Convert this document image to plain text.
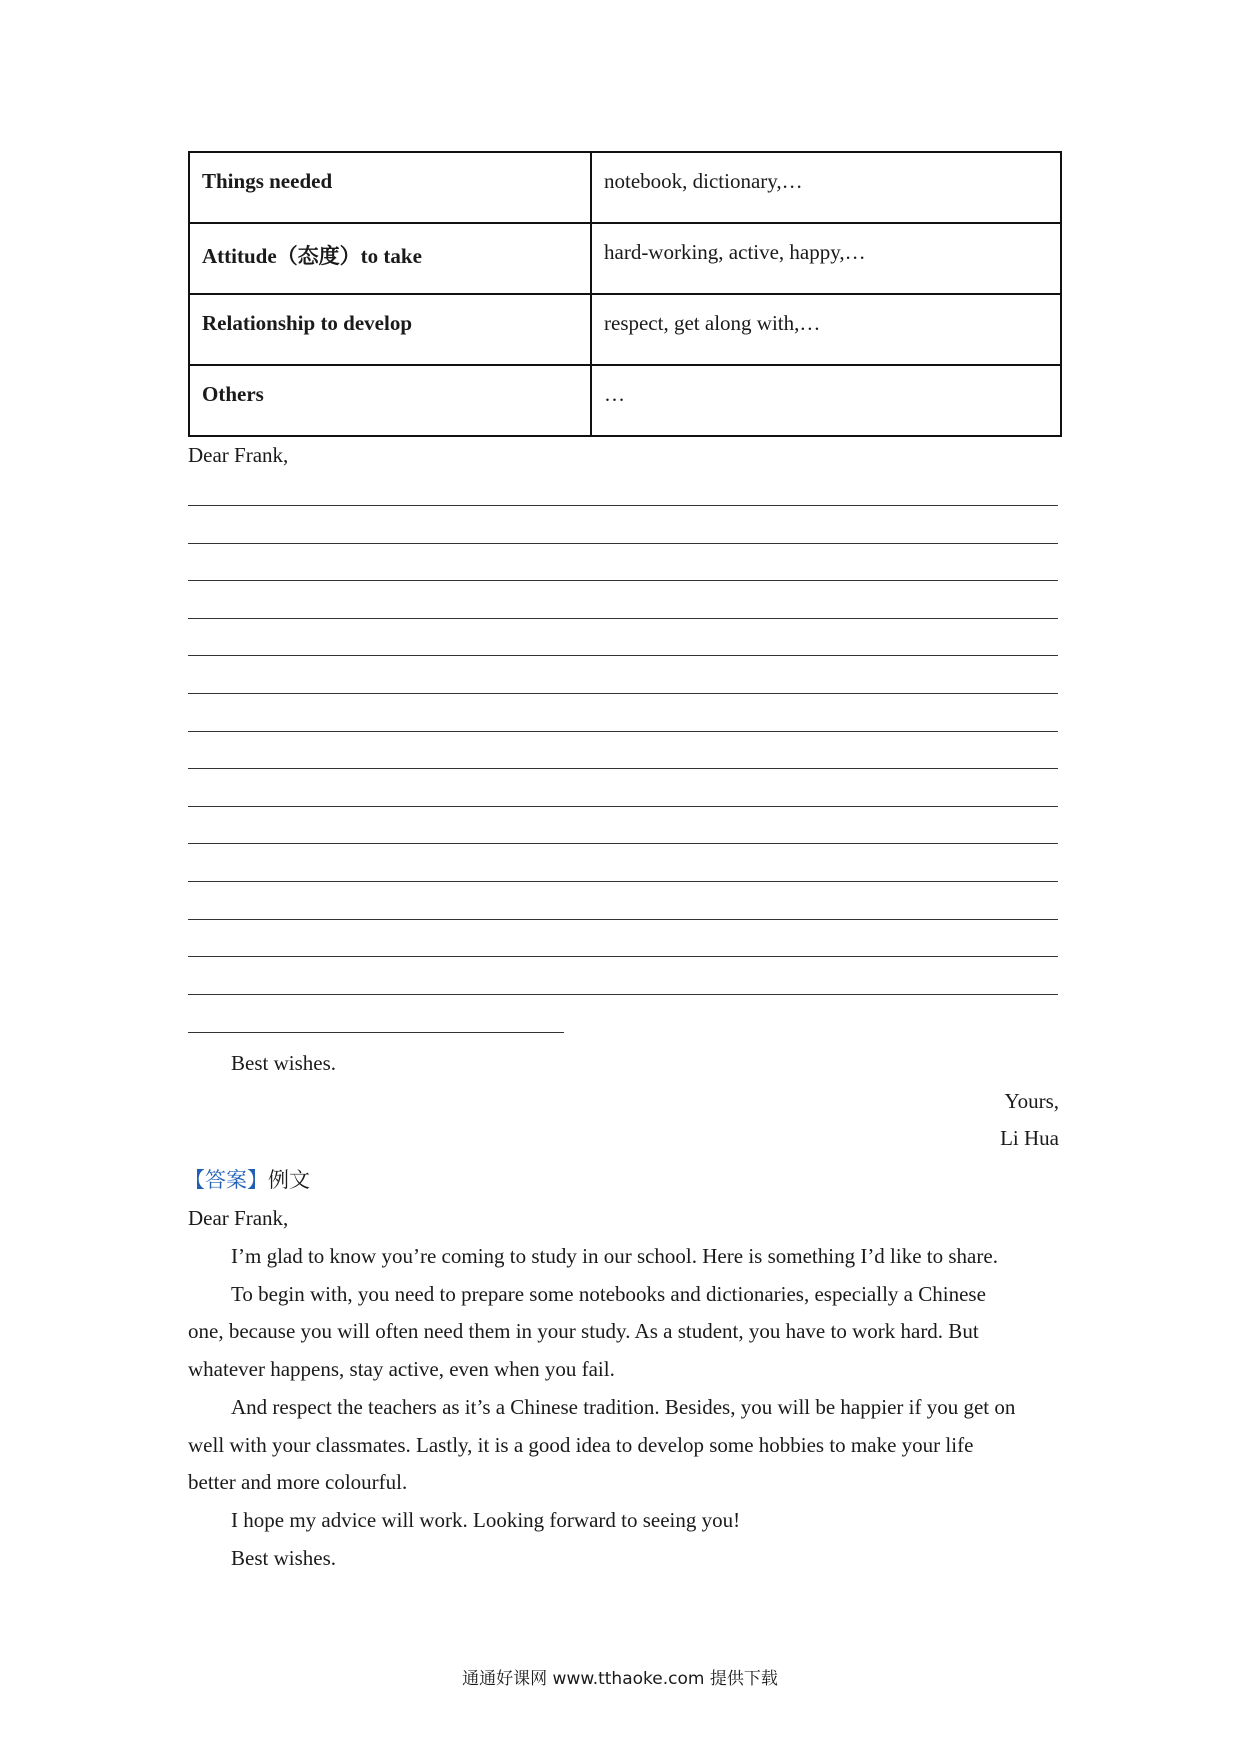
Things needed	notebook, dictionary,…
Attitude（态度）to take	hard-working, active, happy,…
Relationship to develop	respect, get along with,…
Others	…
Dear Frank,
Best wishes.
Yours,
Li Hua
【答案】例文
Dear Frank,
I’m glad to know you’re coming to study in our school. Here is something I’d like to share.
To begin with, you need to prepare some notebooks and dictionaries, especially a Chinese
one, because you will often need them in your study. As a student, you have to work hard. But
whatever happens, stay active, even when you fail.
And respect the teachers as it’s a Chinese tradition. Besides, you will be happier if you get on
well with your classmates. Lastly, it is a good idea to develop some hobbies to make your life
better and more colourful.
I hope my advice will work. Looking forward to seeing you!
Best wishes.
通通好课网 www.tthaoke.com 提供下载
